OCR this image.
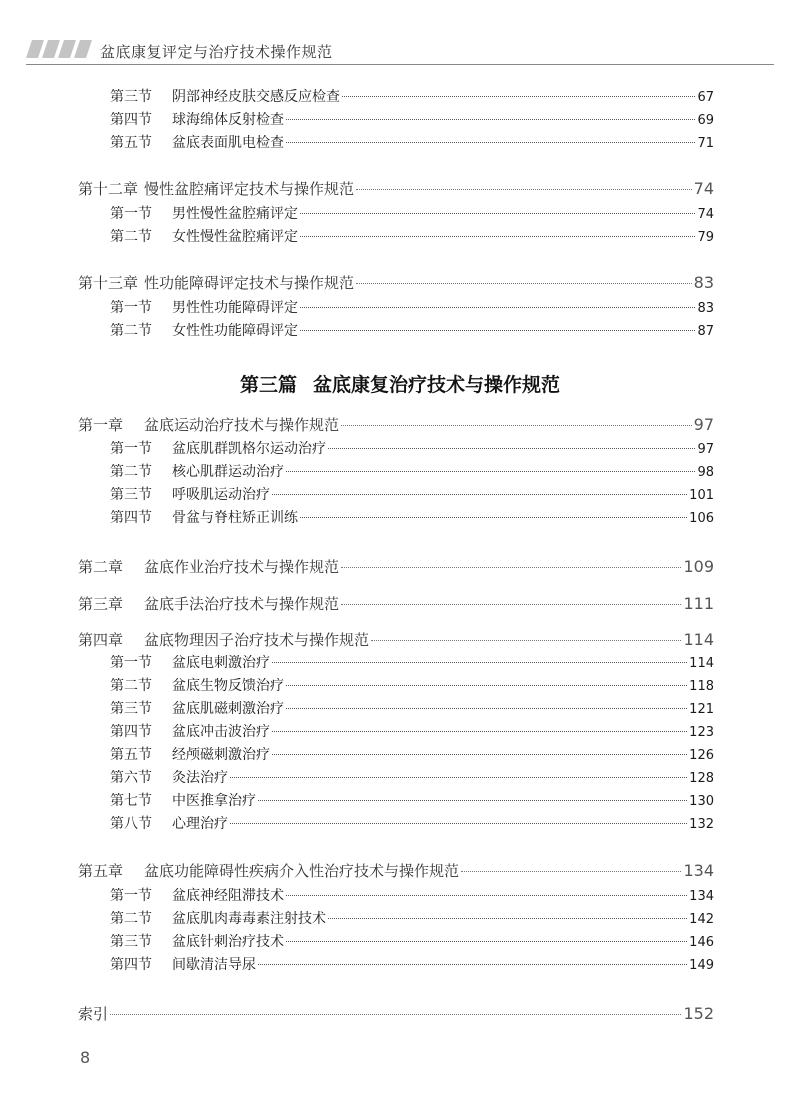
盆底康复评定与治疗技术操作规范
第三节	阴部神经皮肤交感反应检查	67
第四节	球海绵体反射检查	69
第五节	盆底表面肌电检查	71
第十二章 慢性盆腔痛评定技术与操作规范	74
第一节	男性慢性盆腔痛评定	74
第二节	女性慢性盆腔痛评定	79
第十三章 性功能障碍评定技术与操作规范	83
第一节	男性性功能障碍评定	83
第二节	女性性功能障碍评定	87
第一章	盆底运动治疗技术与操作规范	97
第一节	盆底肌群凯格尔运动治疗	97
第二节	核心肌群运动治疗	98
第三节	呼吸肌运动治疗	101
第四节	骨盆与脊柱矫正训练	106
第二章	盆底作业治疗技术与操作规范	109
第三章	盆底手法治疗技术与操作规范	111
第四章	盆底物理因子治疗技术与操作规范	114
第一节	盆底电刺激治疗	114
第二节	盆底生物反馈治疗	118
第三节	盆底肌磁刺激治疗	121
第四节	盆底冲击波治疗	123
第五节	经颅磁刺激治疗	126
第六节	灸法治疗	128
第七节	中医推拿治疗	130
第八节	心理治疗	132
第五章	盆底功能障碍性疾病介入性治疗技术与操作规范	134
第一节	盆底神经阻滞技术	134
第二节	盆底肌肉毒毒素注射技术	142
第三节	盆底针刺治疗技术	146
第四节	间歇清洁导尿	149
索引	152
第三篇 盆底康复治疗技术与操作规范
8
